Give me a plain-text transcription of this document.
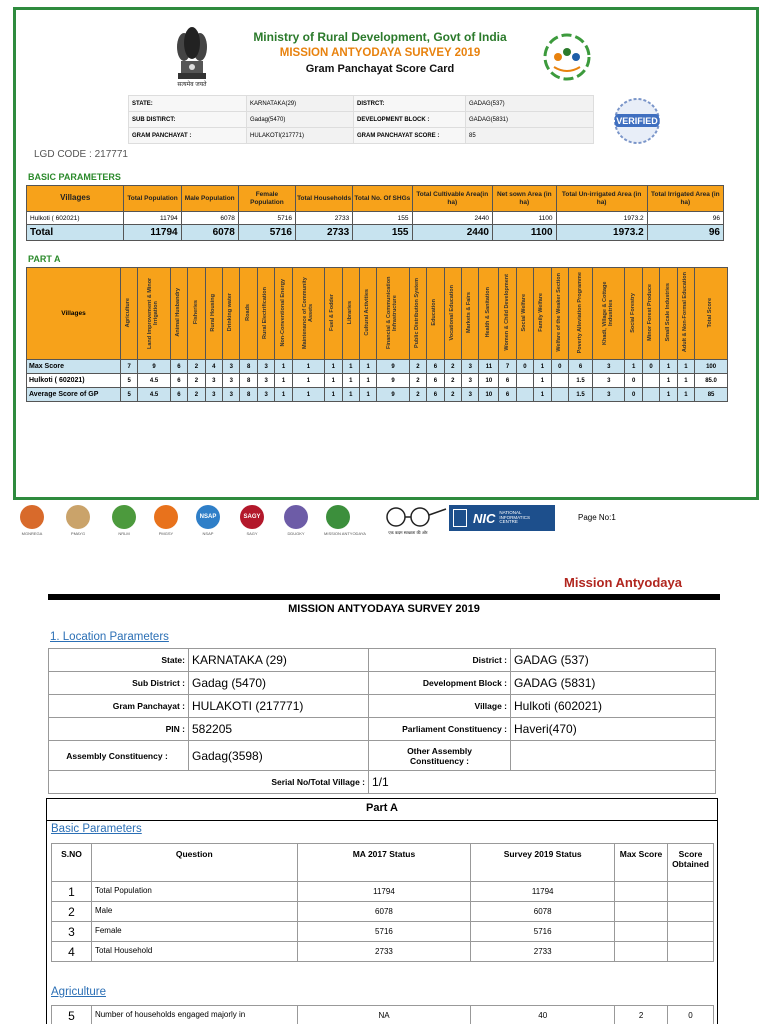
सत्यमेव जयते
Ministry of Rural Development, Govt of India
MISSION ANTYODAYA SURVEY 2019
Gram Panchayat Score Card
VERIFIED
STATE:	KARNATAKA(29)	DISTRCT:	GADAG(537)
SUB DISTIRCT:	Gadag(5470)	DEVELOPMENT BLOCK :	GADAG(5831)
GRAM PANCHAYAT :	HULAKOTI(217771)	GRAM PANCHAYAT SCORE :	85
LGD CODE : 217771
BASIC PARAMETERS
Villages	Total Population	Male Population	Female Population	Total Households	Total No. Of SHGs	Total Cultivable Area(in ha)	Net sown Area (in ha)	Total Un-irrigated Area (in ha)	Total Irrigated Area (in ha)
Hulkoti ( 602021)	11794	6078	5716	2733	155	2440	1100	1973.2	96
Total	11794	6078	5716	2733	155	2440	1100	1973.2	96
PART A
Villages	Agriculture	Land Improvement & Minor Irrigation	Animal Husbandry	Fisheries	Rural Housing	Drinking water	Roads	Rural Electrification	Non-Conventional Energy	Maintenance of Community Assets	Fuel & Fodder	Libraries	Cultural Activities	Financial & Communication Infrastructure	Public Distribution System	Education	Vocational Education	Markets & Fairs	Health & Sanitation	Women & Child Development	Social Welfare	Family Welfare	Welfare of the Weaker Section	Poverty Alleviation Programme	Khadi, Village & Cottage Industries	Social Forestry	Minor Forest Produce	Small Scale Industries	Adult & Non-Formal Education	Total Score
Max Score	7	9	6	2	4	3	8	3	1	1	1	1	1	9	2	6	2	3	11	7	0	1	0	6	3	1	0	1	1	100
Hulkoti ( 602021)	5	4.5	6	2	3	3	8	3	1	1	1	1	1	9	2	6	2	3	10	6		1		1.5	3	0		1	1	85.0
Average Score of GP	5	4.5	6	2	3	3	8	3	1	1	1	1	1	9	2	6	2	3	10	6		1		1.5	3	0		1	1	85
MGNREGA	PMAYG	NRLM	PMGSY
NSAP
NSAP
SAGY
SAGY	DDUGKY	MISSION ANTYODAYA	एक कदम स्वच्छता की ओर
NIC NATIONAL
INFORMATICS
CENTRE	Page No:1
Mission Antyodaya
MISSION ANTYODAYA SURVEY 2019
1. Location Parameters
State:	KARNATAKA (29)	District :	GADAG (537)
Sub District :	Gadag (5470)	Development Block :	GADAG (5831)
Gram Panchayat :	HULAKOTI (217771)	Village :	Hulkoti (602021)
PIN :	582205	Parliament Constituency :	Haveri(470)
Assembly Constituency :	Gadag(3598)	Other Assembly Constituency :	
Serial No/Total Village :		1/1	
Part A
Basic Parameters
S.NO	Question	MA 2017 Status	Survey 2019 Status	Max Score	Score Obtained
1	Total Population	11794	11794		
2	Male	6078	6078		
3	Female	5716	5716		
4	Total Household	2733	2733		
Agriculture
5	Number of households engaged majorly in	NA	40	2	0
